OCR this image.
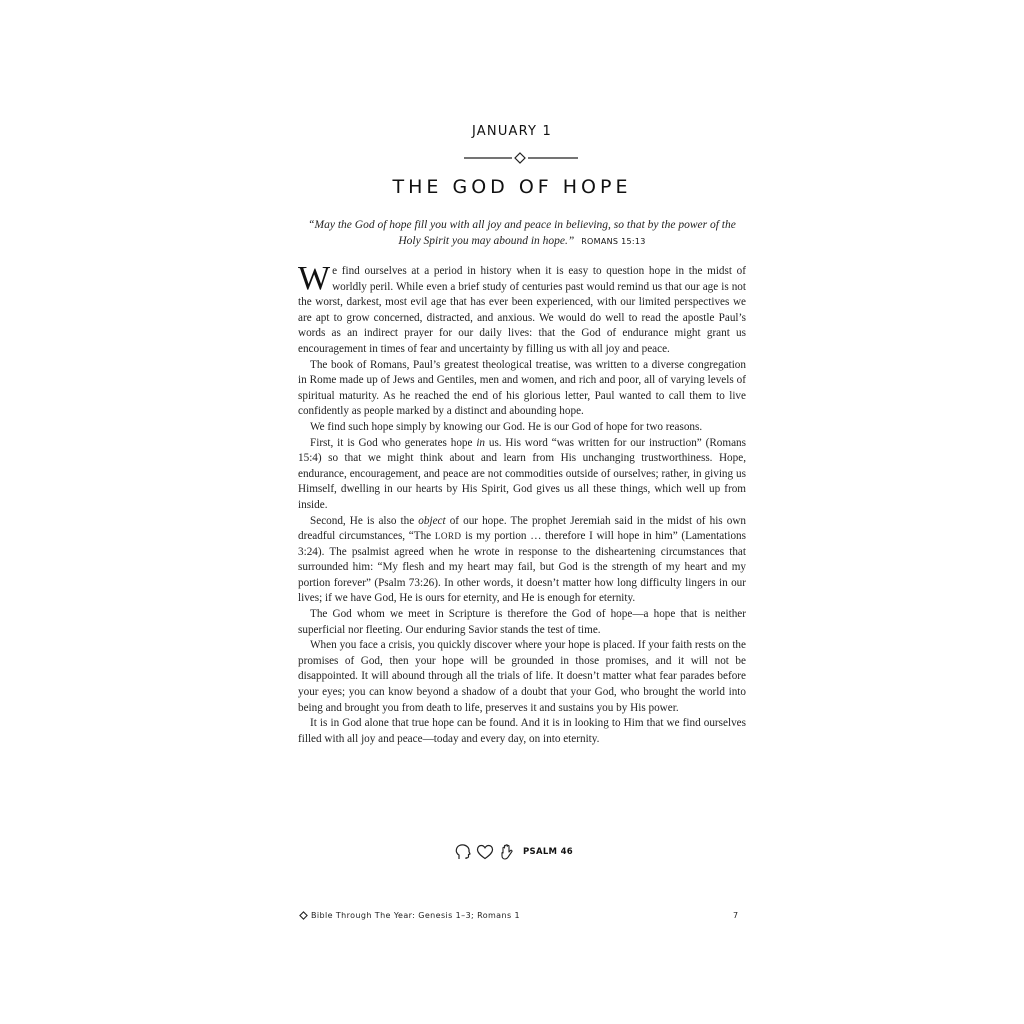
JANUARY 1
THE GOD OF HOPE
“May the God of hope fill you with all joy and peace in believing, so that by the power of the Holy Spirit you may abound in hope.” ROMANS 15:13

We find ourselves at a period in history when it is easy to question hope in the midst of worldly peril. While even a brief study of centuries past would remind us that our age is not the worst, darkest, most evil age that has ever been experienced, with our limited perspectives we are apt to grow concerned, distracted, and anxious. We would do well to read the apostle Paul’s words as an indirect prayer for our daily lives: that the God of endurance might grant us encouragement in times of fear and uncertainty by filling us with all joy and peace.

The book of Romans, Paul’s greatest theological treatise, was written to a diverse congregation in Rome made up of Jews and Gentiles, men and women, and rich and poor, all of varying levels of spiritual maturity. As he reached the end of his glorious letter, Paul wanted to call them to live confidently as people marked by a distinct and abounding hope.

We find such hope simply by knowing our God. He is our God of hope for two reasons.

First, it is God who generates hope in us. His word “was written for our instruction” (Romans 15:4) so that we might think about and learn from His unchanging trustworthiness. Hope, endurance, encouragement, and peace are not commodities outside of ourselves; rather, in giving us Himself, dwelling in our hearts by His Spirit, God gives us all these things, which well up from inside.

Second, He is also the object of our hope. The prophet Jeremiah said in the midst of his own dreadful circumstances, “The LORD is my portion … therefore I will hope in him” (Lamentations 3:24). The psalmist agreed when he wrote in response to the disheartening circumstances that surrounded him: “My flesh and my heart may fail, but God is the strength of my heart and my portion forever” (Psalm 73:26). In other words, it doesn’t matter how long difficulty lingers in our lives; if we have God, He is ours for eternity, and He is enough for eternity.

The God whom we meet in Scripture is therefore the God of hope—a hope that is neither superficial nor fleeting. Our enduring Savior stands the test of time.

When you face a crisis, you quickly discover where your hope is placed. If your faith rests on the promises of God, then your hope will be grounded in those promises, and it will not be disappointed. It will abound through all the trials of life. It doesn’t matter what fear parades before your eyes; you can know beyond a shadow of a doubt that your God, who brought the world into being and brought you from death to life, preserves it and sustains you by His power.

It is in God alone that true hope can be found. And it is in looking to Him that we find ourselves filled with all joy and peace—today and every day, on into eternity.

PSALM 46
Bible Through The Year: Genesis 1–3; Romans 1	7
